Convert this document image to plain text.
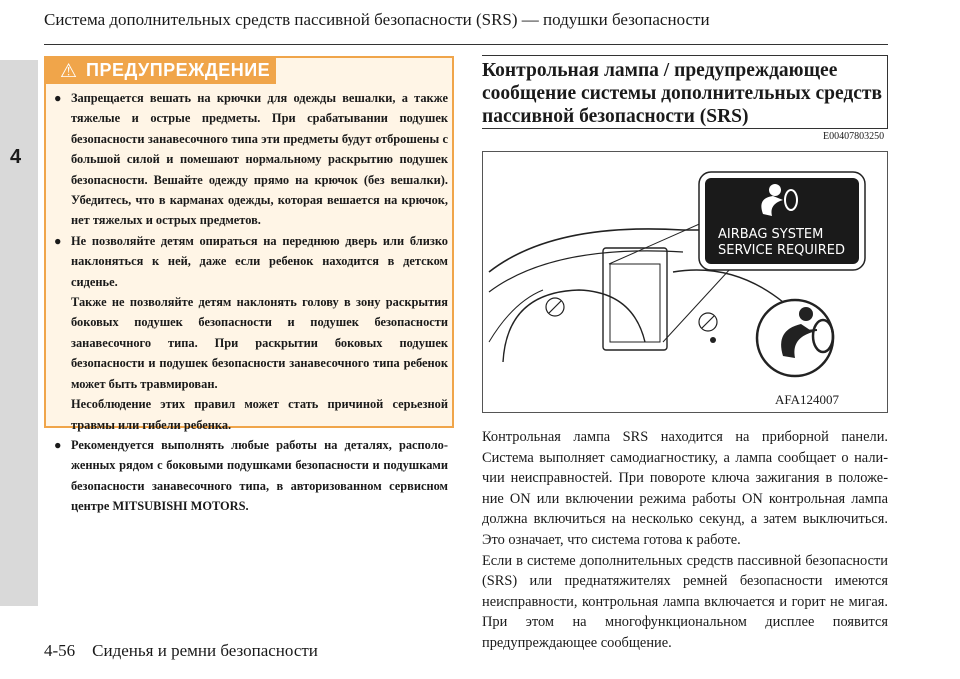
Система дополнительных средств пассивной безопасности (SRS) — подушки безопасности
4
⚠ ПРЕДУПРЕЖДЕНИЕ

● Запрещается вешать на крючки для одежды вешалки, а также тяжелые и острые предметы. При срабатывании подушек безопасности занавесочного типа эти предметы будут отброшены с большой силой и помешают нормальному раскрытию подушек безопасности. Вешайте одежду прямо на крючок (без вешалки). Убедитесь, что в карманах одежды, которая вешается на крючок, нет тяжелых и острых предметов.

● Не позволяйте детям опираться на переднюю дверь или близко наклоняться к ней, даже если ребенок находится в детском сиденье.

Также не позволяйте детям наклонять голову в зону раскрытия боковых подушек безопасности и подушек безопасности занавесочного типа. При раскрытии боковых подушек безопасности и подушек безопасности занавесочного типа ребенок может быть травмирован.

Несоблюдение этих правил может стать причиной серьезной травмы или гибели ребенка.

● Рекомендуется выполнять любые работы на деталях, расположенных рядом с боковыми подушками безопасности и подушками безопасности занавесочного типа, в авторизованном сервисном центре MITSUBISHI MOTORS.

Контрольная лампа / предупреждающее сообщение системы дополнительных средств пассивной безопасности (SRS)
E00407803250
AIRBAG SYSTEM
SERVICE REQUIRED
AFA124007

Контрольная лампа SRS находится на приборной панели. Система выполняет самодиагностику, а лампа сообщает о наличии неисправностей. При повороте ключа зажигания в положение ON или включении режима работы ON контрольная лампа должна включиться на несколько секунд, а затем выключиться. Это означает, что система готова к работе.

Если в системе дополнительных средств пассивной безопасности (SRS) или преднатяжителях ремней безопасности имеются неисправности, контрольная лампа включается и горит не мигая. При этом на многофункциональном дисплее появится предупреждающее сообщение.

4-56 Сиденья и ремни безопасности
